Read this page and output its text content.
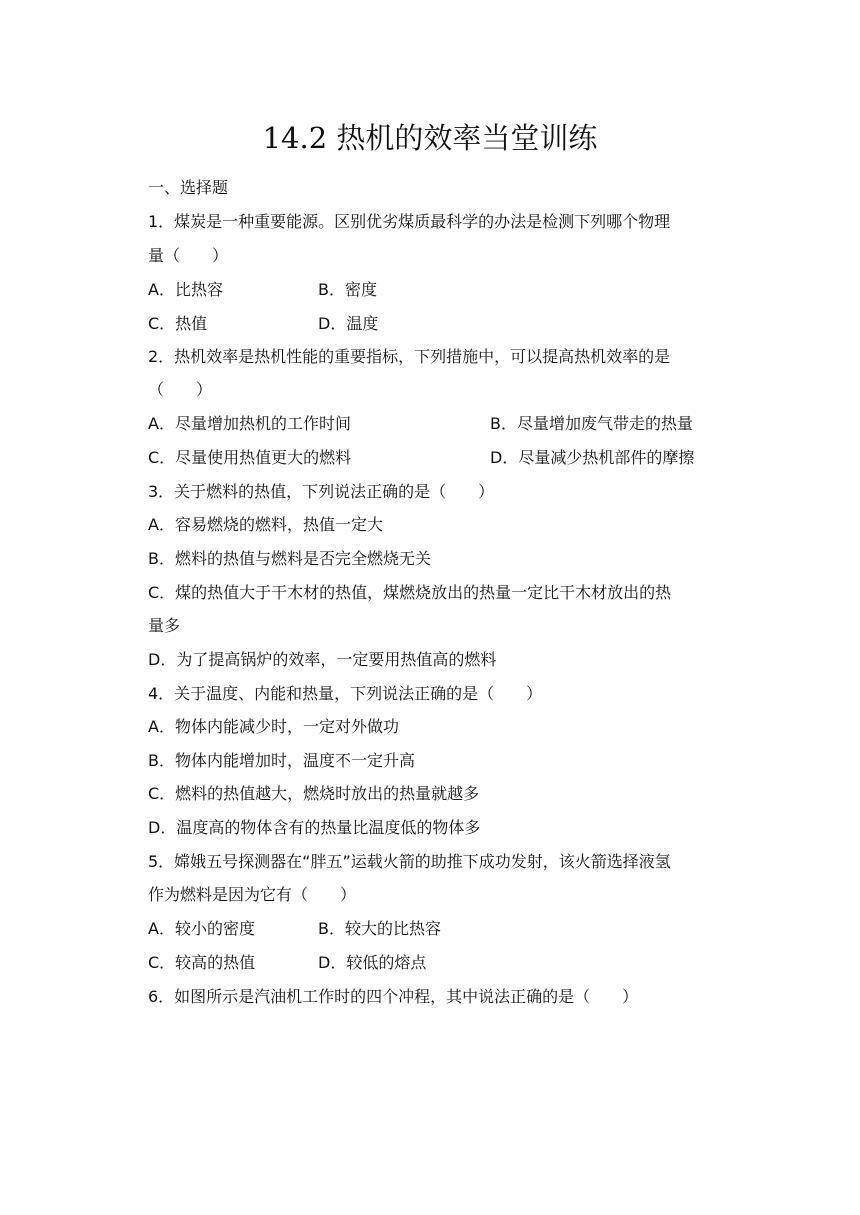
14.2 热机的效率当堂训练
一、选择题
1．煤炭是一种重要能源。区别优劣煤质最科学的办法是检测下列哪个物理
量（　　）
A．比热容	B．密度
C．热值	D．温度
2．热机效率是热机性能的重要指标，下列措施中，可以提高热机效率的是
（　　）
A．尽量增加热机的工作时间	B．尽量增加废气带走的热量
C．尽量使用热值更大的燃料	D．尽量减少热机部件的摩擦
3．关于燃料的热值，下列说法正确的是（　　）
A．容易燃烧的燃料，热值一定大
B．燃料的热值与燃料是否完全燃烧无关
C．煤的热值大于干木材的热值，煤燃烧放出的热量一定比干木材放出的热
量多
D．为了提高锅炉的效率，一定要用热值高的燃料
4．关于温度、内能和热量，下列说法正确的是（　　）
A．物体内能减少时，一定对外做功
B．物体内能增加时，温度不一定升高
C．燃料的热值越大，燃烧时放出的热量就越多
D．温度高的物体含有的热量比温度低的物体多
5．嫦娥五号探测器在“胖五”运载火箭的助推下成功发射，该火箭选择液氢
作为燃料是因为它有（　　）
A．较小的密度	B．较大的比热容
C．较高的热值	D．较低的熔点
6．如图所示是汽油机工作时的四个冲程，其中说法正确的是（　　）
